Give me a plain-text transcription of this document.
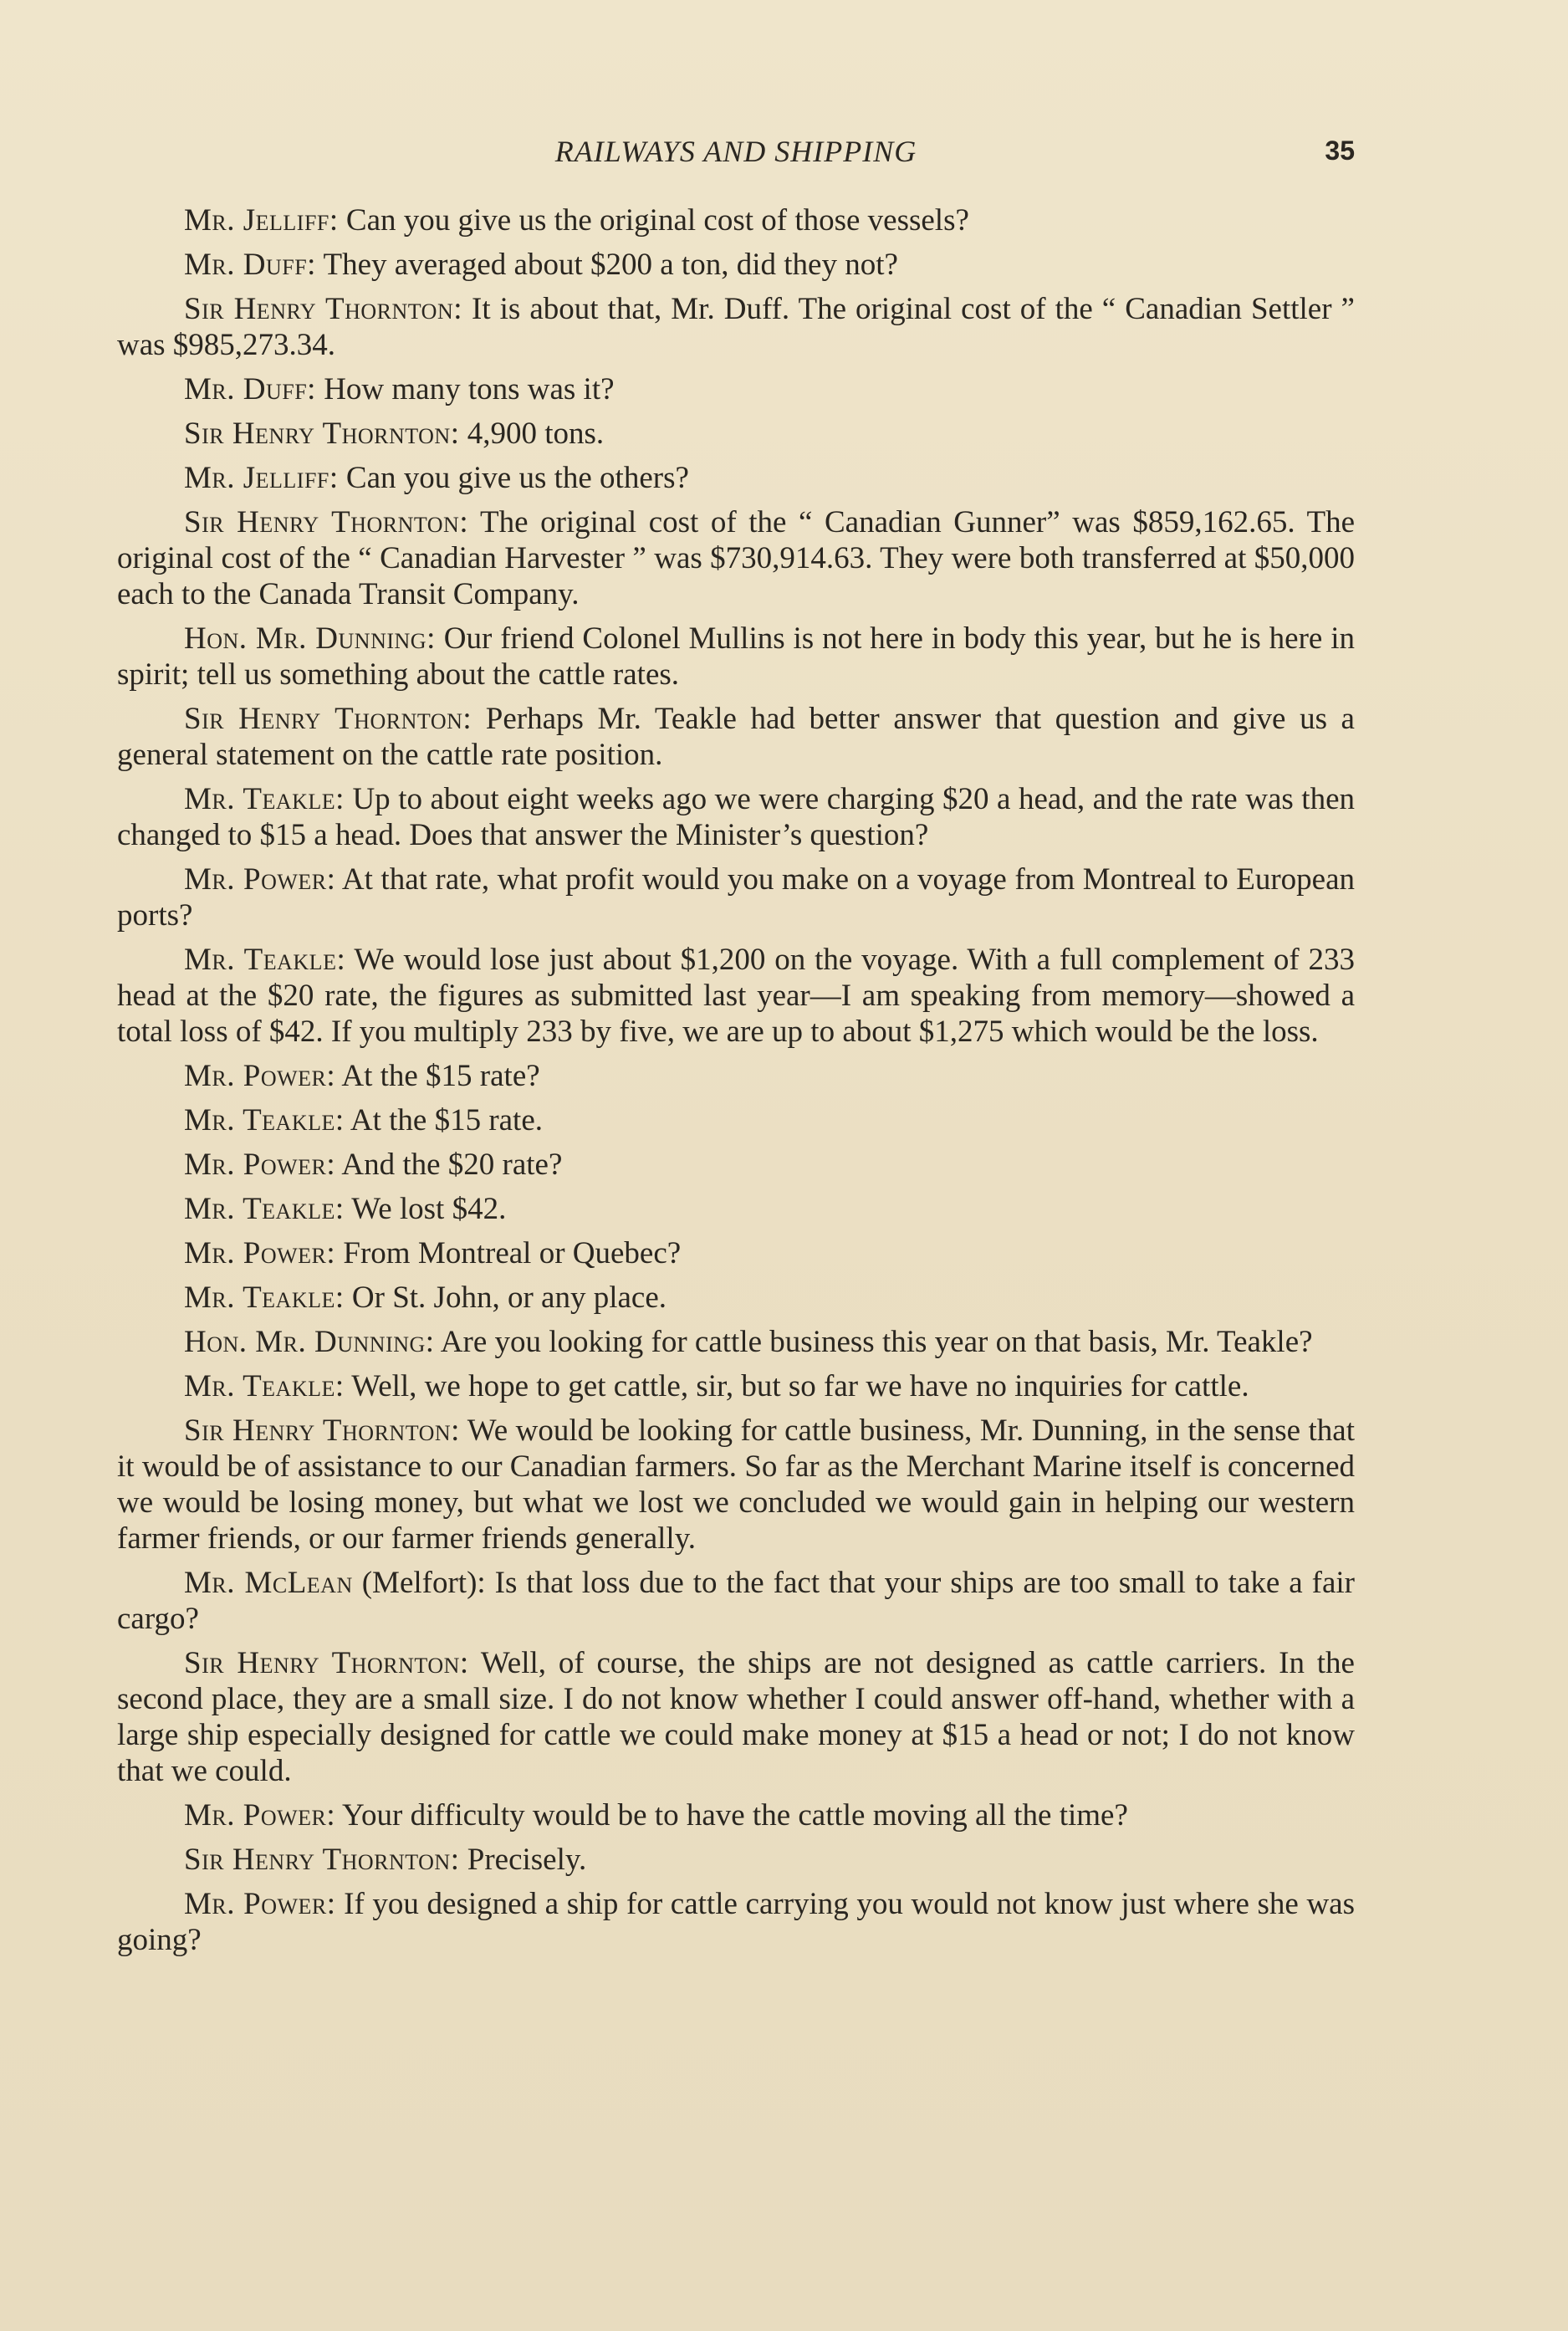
RAILWAYS AND SHIPPING	35

Mr. Jelliff: Can you give us the original cost of those vessels?

Mr. Duff: They averaged about $200 a ton, did they not?

Sir Henry Thornton: It is about that, Mr. Duff. The original cost of the “ Canadian Settler ” was $985,273.34.

Mr. Duff: How many tons was it?

Sir Henry Thornton: 4,900 tons.

Mr. Jelliff: Can you give us the others?

Sir Henry Thornton: The original cost of the “ Canadian Gunner” was $859,162.65. The original cost of the “ Canadian Harvester ” was $730,914.63. They were both transferred at $50,000 each to the Canada Transit Company.

Hon. Mr. Dunning: Our friend Colonel Mullins is not here in body this year, but he is here in spirit; tell us something about the cattle rates.

Sir Henry Thornton: Perhaps Mr. Teakle had better answer that question and give us a general statement on the cattle rate position.

Mr. Teakle: Up to about eight weeks ago we were charging $20 a head, and the rate was then changed to $15 a head. Does that answer the Minister’s question?

Mr. Power: At that rate, what profit would you make on a voyage from Montreal to European ports?

Mr. Teakle: We would lose just about $1,200 on the voyage. With a full complement of 233 head at the $20 rate, the figures as submitted last year—I am speaking from memory—showed a total loss of $42. If you multiply 233 by five, we are up to about $1,275 which would be the loss.

Mr. Power: At the $15 rate?

Mr. Teakle: At the $15 rate.

Mr. Power: And the $20 rate?

Mr. Teakle: We lost $42.

Mr. Power: From Montreal or Quebec?

Mr. Teakle: Or St. John, or any place.

Hon. Mr. Dunning: Are you looking for cattle business this year on that basis, Mr. Teakle?

Mr. Teakle: Well, we hope to get cattle, sir, but so far we have no inquiries for cattle.

Sir Henry Thornton: We would be looking for cattle business, Mr. Dunning, in the sense that it would be of assistance to our Canadian farmers. So far as the Merchant Marine itself is concerned we would be losing money, but what we lost we concluded we would gain in helping our western farmer friends, or our farmer friends generally.

Mr. McLean (Melfort): Is that loss due to the fact that your ships are too small to take a fair cargo?

Sir Henry Thornton: Well, of course, the ships are not designed as cattle carriers. In the second place, they are a small size. I do not know whether I could answer off-hand, whether with a large ship especially designed for cattle we could make money at $15 a head or not; I do not know that we could.

Mr. Power: Your difficulty would be to have the cattle moving all the time?

Sir Henry Thornton: Precisely.

Mr. Power: If you designed a ship for cattle carrying you would not know just where she was going?
